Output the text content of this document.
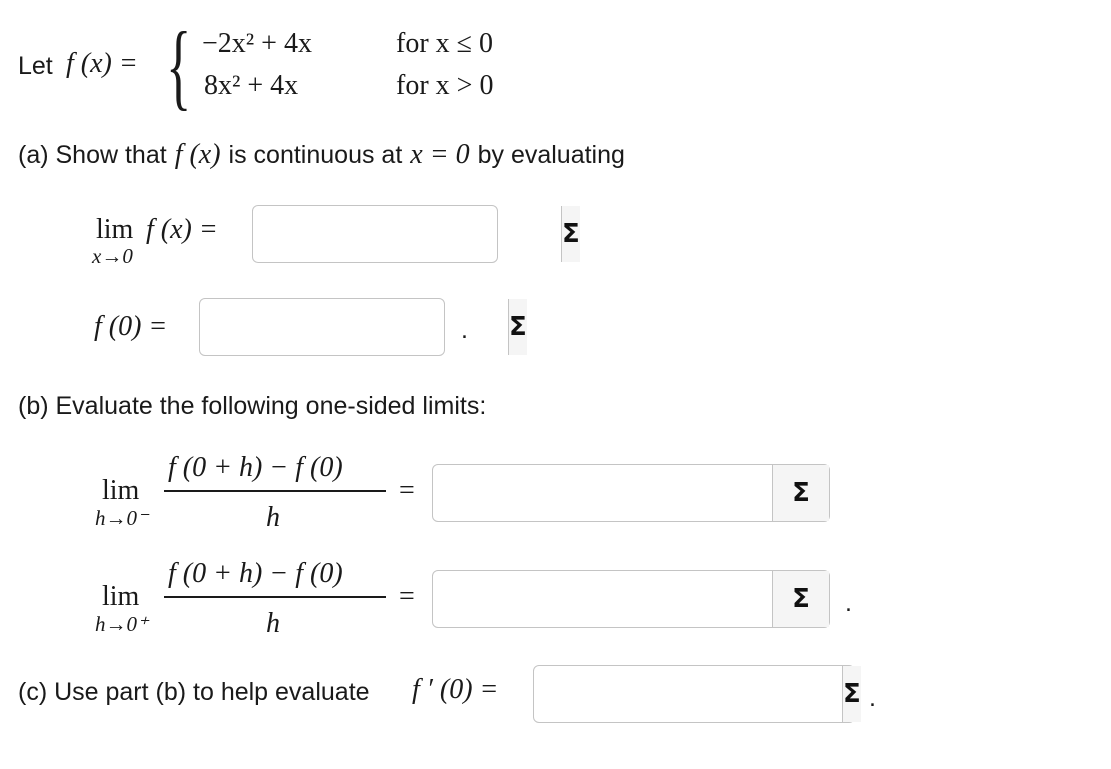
Let f (x) = { −2x² + 4x	for x ≤ 0
8x² + 4x	for x > 0
(a) Show that f (x) is continuous at x = 0 by evaluating
lim
x→0
f (x) =	Σ
f (0) =	Σ
.
(b) Evaluate the following one-sided limits:
lim
h→0⁻
f (0 + h) − f (0)
h
=	Σ
lim
h→0⁺
f (0 + h) − f (0)
h
=	Σ	.
(c) Use part (b) to help evaluate f ′ (0) =	Σ .
